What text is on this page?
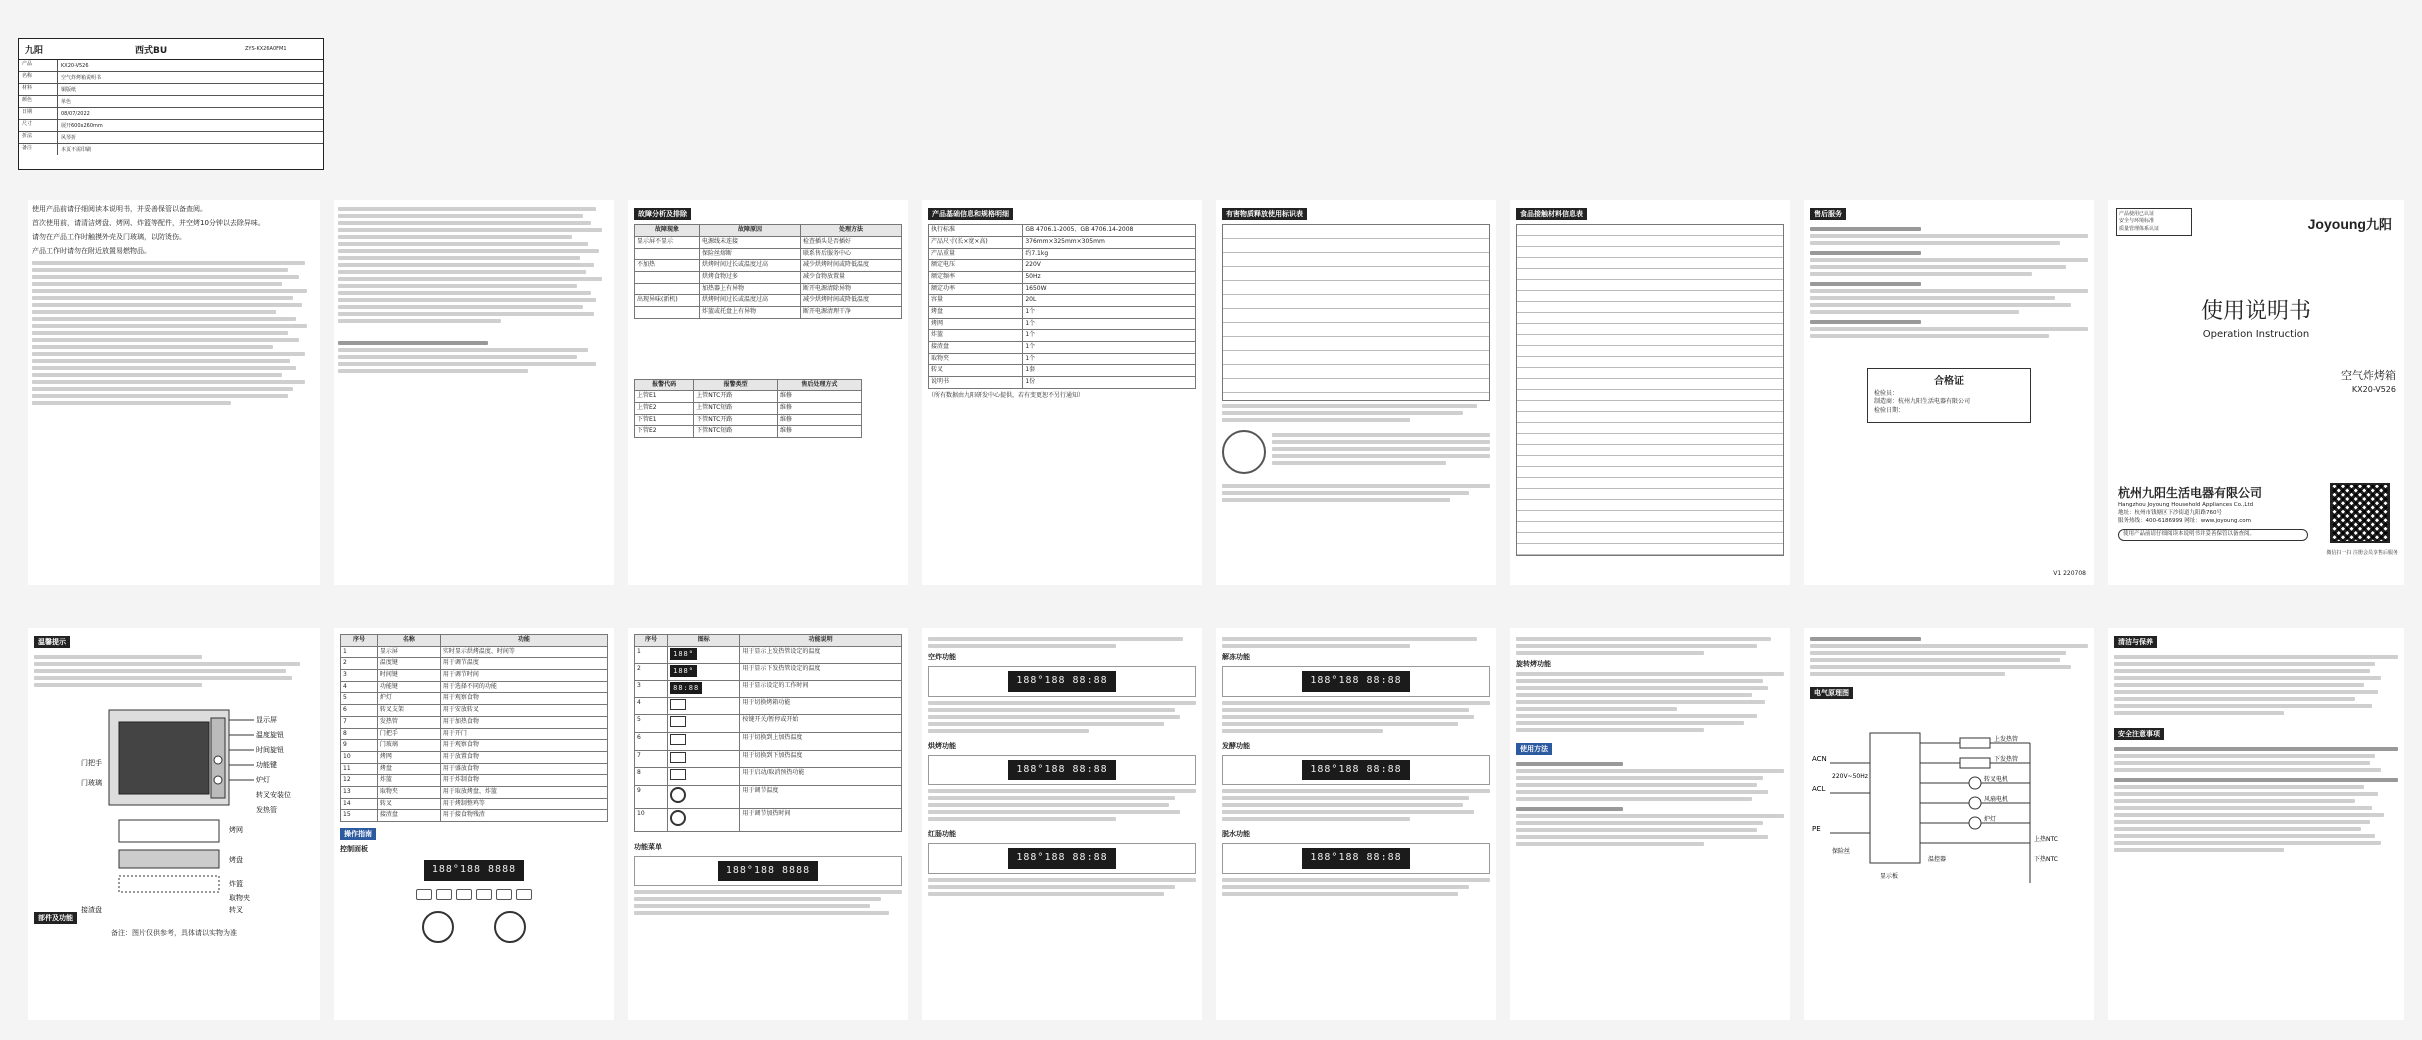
九阳	西式BU	ZYS-KX26A0FM1
产品	KX20-V526
名称	空气炸烤箱说明书
材料	铜版纸
颜色	单色
日期	08/07/2022
尺寸	展开600x260mm
折法	风琴折
备注	本页不需印刷

使用产品前请仔细阅读本说明书，并妥善保管以备查阅。

首次使用前，请清洁烤盘、烤网、炸篮等配件，并空烤10分钟以去除异味。

请勿在产品工作时触摸外壳及门玻璃，以防烫伤。

产品工作时请勿在附近放置易燃物品。

故障分析及排除
故障现象	故障原因	处理方法
显示屏不显示	电源线未连接	检查插头是否插好
	保险丝熔断	联系售后服务中心
不加热	烘烤时间过长或温度过高	减少烘烤时间或降低温度
	烘烤食物过多	减少食物放置量
	加热器上有异物	断开电源清除异物
出现异味(新机)	烘烤时间过长或温度过高	减少烘烤时间或降低温度
	炸篮或托盘上有异物	断开电源清理干净
报警代码	报警类型	售后处理方式
上管E1	上管NTC开路	维修
上管E2	上管NTC短路	维修
下管E1	下管NTC开路	维修
下管E2	下管NTC短路	维修
产品基础信息和规格明细
执行标准	GB 4706.1-2005、GB 4706.14-2008
产品尺寸(长×宽×高)	376mm×325mm×305mm
产品重量	约7.1kg
额定电压	220V
额定频率	50Hz
额定功率	1650W
容量	20L
烤盘	1个
烤网	1个
炸篮	1个
接渣盘	1个
取物夹	1个
转叉	1套
说明书	1份
（所有数据由九阳研发中心提供，若有变更恕不另行通知）
有害物质释放使用标识表	食品接触材料信息表	售后服务
合格证
检验员：
制造商：杭州九阳生活电器有限公司
检验日期：
V1 220708
产品使用已认证
安全与环境标准
质量管理体系认证	Joyoung九阳
使用说明书
Operation Instruction
空气炸烤箱
KX20-V526
杭州九阳生活电器有限公司
Hangzhou Joyoung Household Appliances Co.,Ltd
地址：杭州市钱塘区下沙街道九阳路760号
服务热线：400-6186999 网址：www.joyoung.com
使用产品前请仔细阅读本说明书并妥善保管以备查阅。
微信扫一扫 注册会员享售后服务
温馨提示
部件及功能
显示屏
温度旋钮
时间旋钮
功能键
炉灯
转叉安装位
发热管
门把手
门玻璃
烤网
烤盘
炸篮
取物夹
转叉
接渣盘
备注：图片仅供参考，具体请以实物为准
序号	名称	功能
1	显示屏	实时显示烘烤温度、时间等
2	温度键	用于调节温度
3	时间键	用于调节时间
4	功能键	用于选择不同的功能
5	炉灯	用于观察食物
6	转叉支架	用于安放转叉
7	发热管	用于加热食物
8	门把手	用于开门
9	门玻璃	用于观察食物
10	烤网	用于放置食物
11	烤盘	用于盛放食物
12	炸篮	用于炸制食物
13	取物夹	用于取放烤盘、炸篮
14	转叉	用于烤制整鸡等
15	接渣盘	用于接食物残渣
操作指南
控制面板
188°188 8888
序号	图标	功能说明
1	188°	用于显示上发热管设定的温度
2	188°	用于显示下发热管设定的温度
3	88:88	用于显示设定的工作时间
4		用于切换烤箱功能
5		按键开关/暂停或开始
6		用于切换到上加热温度
7		用于切换到下加热温度
8		用于启动/取消预热功能
9		用于调节温度
10		用于调节加热时间
功能菜单
188°188 8888
空炸功能
188°188 88:88
烘烤功能
188°188 88:88
红肠功能
188°188 88:88
解冻功能
188°188 88:88
发酵功能
188°188 88:88
脱水功能
188°188 88:88
旋转烤功能
使用方法
电气原理图
ACN
ACL
PE
220V~50Hz
上发热管
下发热管
转叉电机
风扇电机
炉灯
上热NTC
下热NTC
温控器
保险丝
显示板
清洁与保养
安全注意事项
